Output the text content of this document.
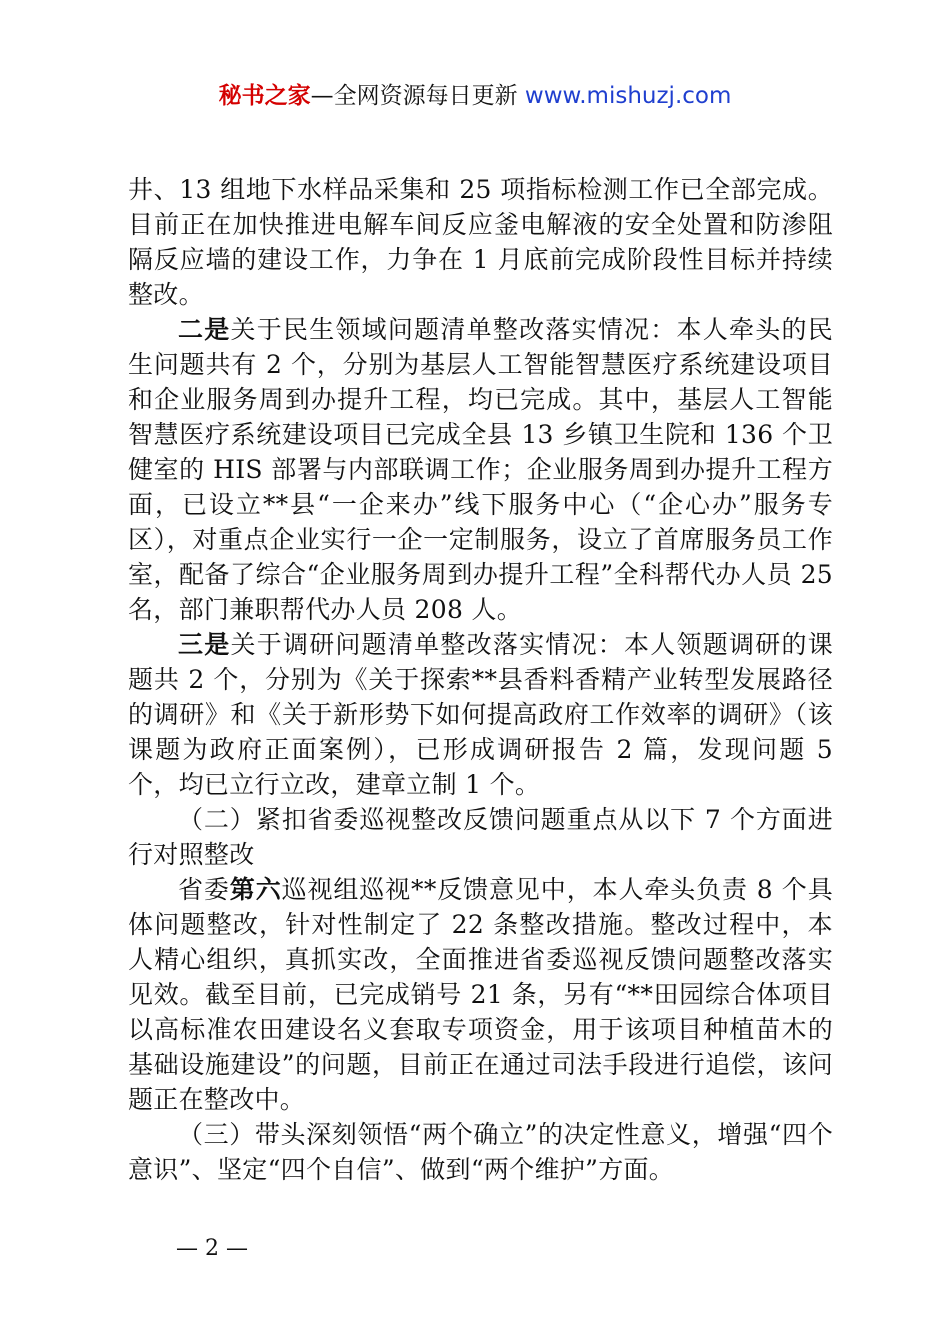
秘书之家—全网资源每日更新 www.mishuzj.com

井、13 组地下水样品采集和 25 项指标检测工作已全部完成。目前正在加快推进电解车间反应釜电解液的安全处置和防渗阻隔反应墙的建设工作，力争在 1 月底前完成阶段性目标并持续整改。

二是关于民生领域问题清单整改落实情况：本人牵头的民生问题共有 2 个，分别为基层人工智能智慧医疗系统建设项目和企业服务周到办提升工程，均已完成。其中，基层人工智能智慧医疗系统建设项目已完成全县 13 乡镇卫生院和 136 个卫健室的 HIS 部署与内部联调工作；企业服务周到办提升工程方面，已设立**县“一企来办”线下服务中心（“企心办”服务专区），对重点企业实行一企一定制服务，设立了首席服务员工作室，配备了综合“企业服务周到办提升工程”全科帮代办人员 25 名，部门兼职帮代办人员 208 人。

三是关于调研问题清单整改落实情况：本人领题调研的课题共 2 个，分别为《关于探索**县香料香精产业转型发展路径的调研》和《关于新形势下如何提高政府工作效率的调研》（该课题为政府正面案例），已形成调研报告 2 篇，发现问题 5 个，均已立行立改，建章立制 1 个。

（二）紧扣省委巡视整改反馈问题重点从以下 7 个方面进行对照整改

省委第六巡视组巡视**反馈意见中，本人牵头负责 8 个具体问题整改，针对性制定了 22 条整改措施。整改过程中，本人精心组织，真抓实改，全面推进省委巡视反馈问题整改落实见效。截至目前，已完成销号 21 条，另有“**田园综合体项目以高标准农田建设名义套取专项资金，用于该项目种植苗木的基础设施建设”的问题，目前正在通过司法手段进行追偿，该问题正在整改中。

（三）带头深刻领悟“两个确立”的决定性意义，增强“四个意识”、坚定“四个自信”、做到“两个维护”方面。

— 2 —
